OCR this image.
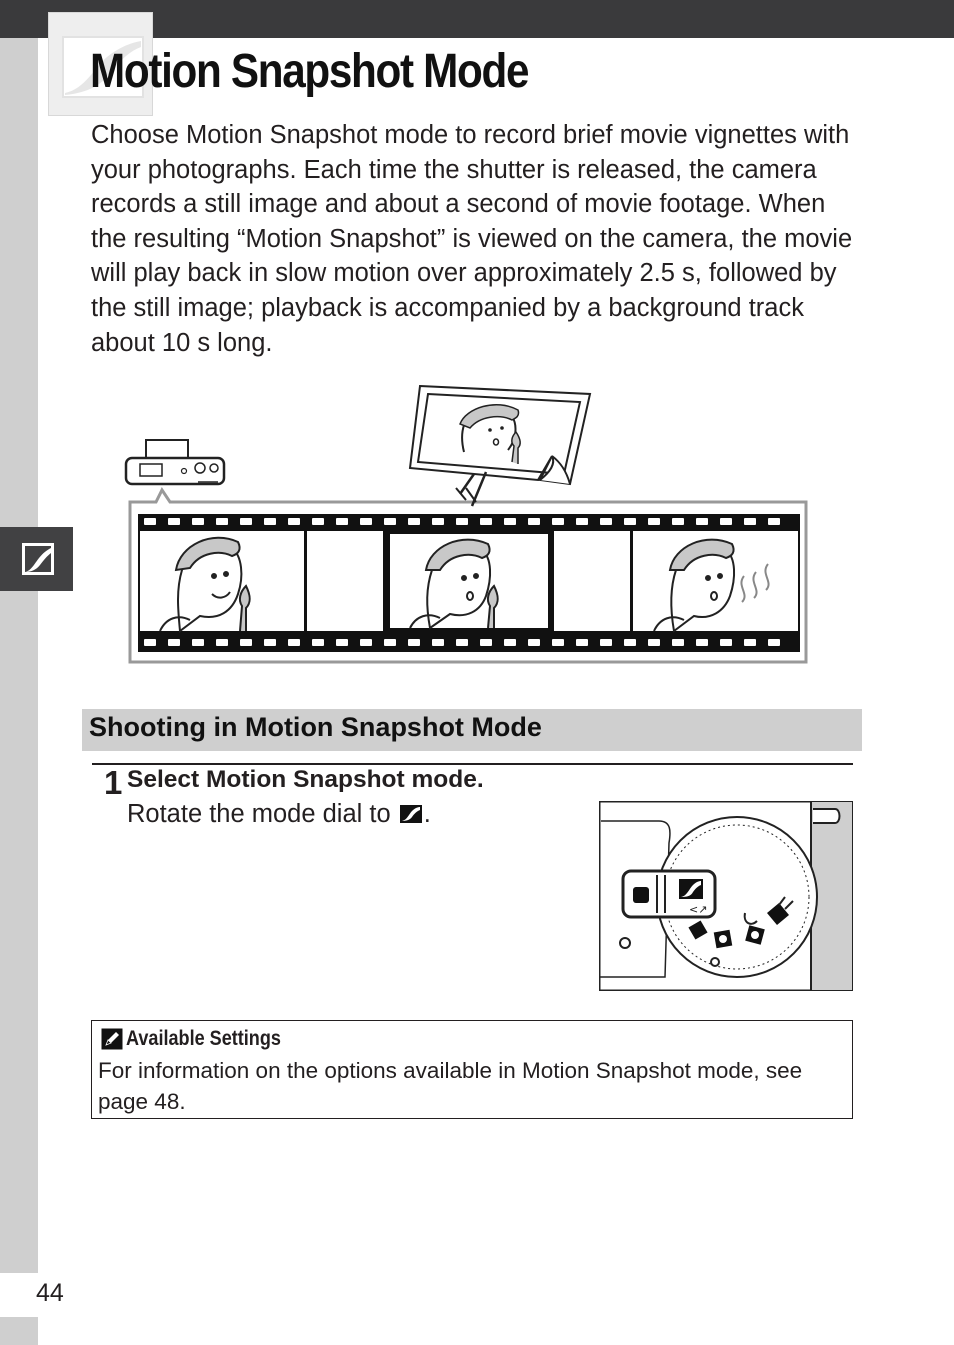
Motion Snapshot Mode

Choose Motion Snapshot mode to record brief movie vignettes with your photographs. Each time the shutter is released, the camera records a still image and about a second of movie footage. When the resulting “Motion Snapshot” is viewed on the camera, the movie will play back in slow motion over approximately 2.5 s, followed by the still image; playback is accompanied by a background track about 10 s long.

Shooting in Motion Snapshot Mode
1 Select Motion Snapshot mode.
Rotate the mode dial to .
<↗
Available Settings

For information on the options available in Motion Snapshot mode, see page 48.

44
